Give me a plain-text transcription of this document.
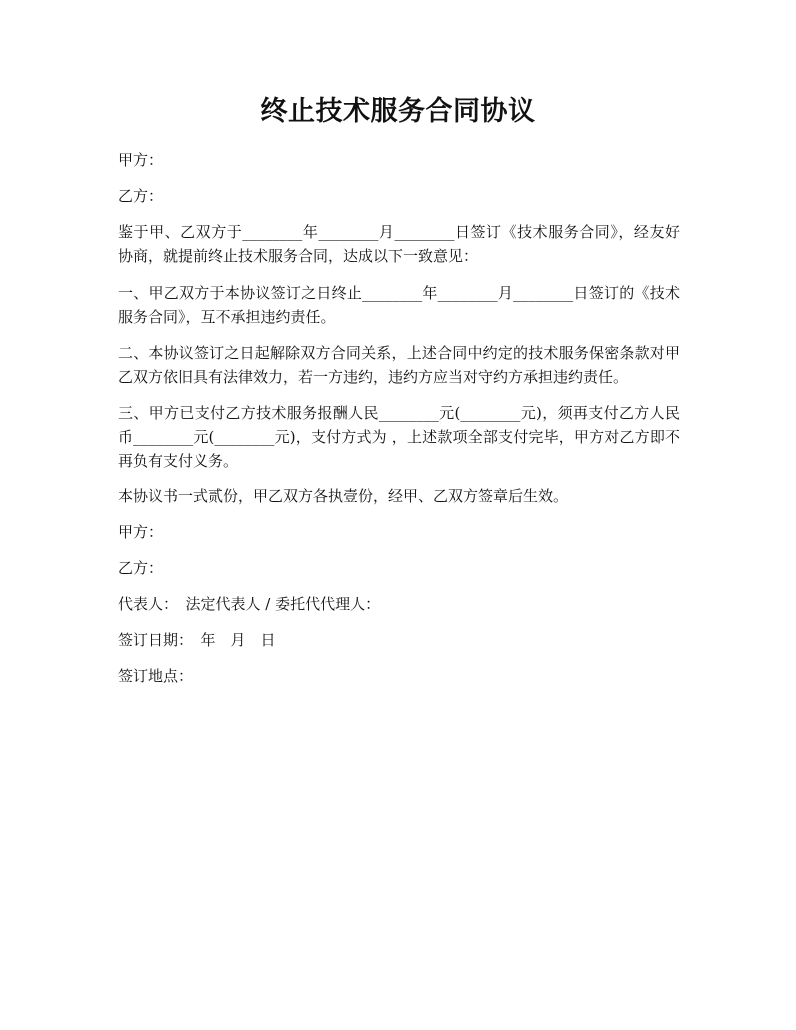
终止技术服务合同协议
甲方：
乙方：
鉴于甲、乙双方于________年________月________日签订《技术服务合同》，经友好协商，就提前终止技术服务合同，达成以下一致意见：
一、甲乙双方于本协议签订之日终止________年________月________日签订的《技术服务合同》，互不承担违约责任。
二、本协议签订之日起解除双方合同关系，上述合同中约定的技术服务保密条款对甲乙双方依旧具有法律效力，若一方违约，违约方应当对守约方承担违约责任。
三、甲方已支付乙方技术服务报酬人民________元(________元)，须再支付乙方人民币________元(________元)，支付方式为 ，上述款项全部支付完毕，甲方对乙方即不再负有支付义务。
本协议书一式贰份，甲乙双方各执壹份，经甲、乙双方签章后生效。
甲方：
乙方：
代表人：　法定代表人 / 委托代代理人：
签订日期：　年　月　日
签订地点：
